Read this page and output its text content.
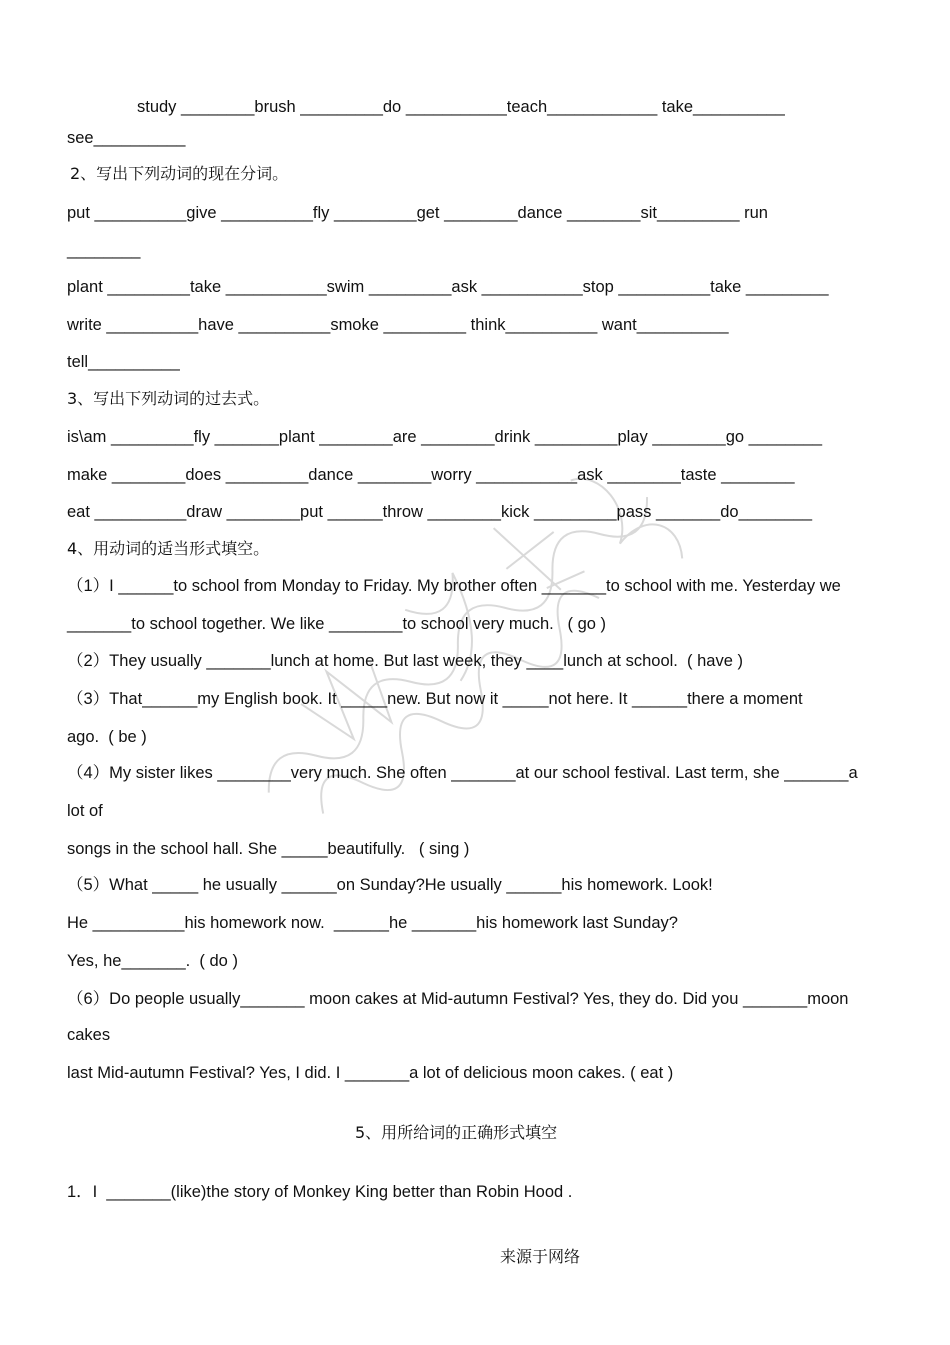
study ________brush _________do ___________teach____________ take__________
see__________
2、写出下列动词的现在分词。
put __________give __________fly _________get ________dance ________sit_________ run
________
plant _________take ___________swim _________ask ___________stop __________take _________
write __________have __________smoke _________ think__________ want__________
tell__________
3、写出下列动词的过去式。
is\am _________fly _______plant ________are ________drink _________play ________go ________
make ________does _________dance ________worry ___________ask ________taste ________
eat __________draw ________put ______throw ________kick _________pass _______do________
4、用动词的适当形式填空。
（1）I ______to school from Monday to Friday. My brother often _______to school with me. Yesterday we
_______to school together. We like ________to school very much.   ( go )
（2）They usually _______lunch at home. But last week, they ____lunch at school.  ( have )
（3）That______my English book. It _____new. But now it _____not here. It ______there a moment
ago.  ( be )
（4）My sister likes ________very much. She often _______at our school festival. Last term, she _______a
lot of
songs in the school hall. She _____beautifully.   ( sing )
（5）What _____ he usually ______on Sunday?He usually ______his homework. Look!
He __________his homework now.  ______he _______his homework last Sunday?
Yes, he_______.  ( do )
（6）Do people usually_______ moon cakes at Mid-autumn Festival? Yes, they do. Did you _______moon
cakes
last Mid-autumn Festival? Yes, I did. I _______a lot of delicious moon cakes. ( eat )
5、用所给词的正确形式填空
1．I  _______(like)the story of Monkey King better than Robin Hood .
来源于网络
